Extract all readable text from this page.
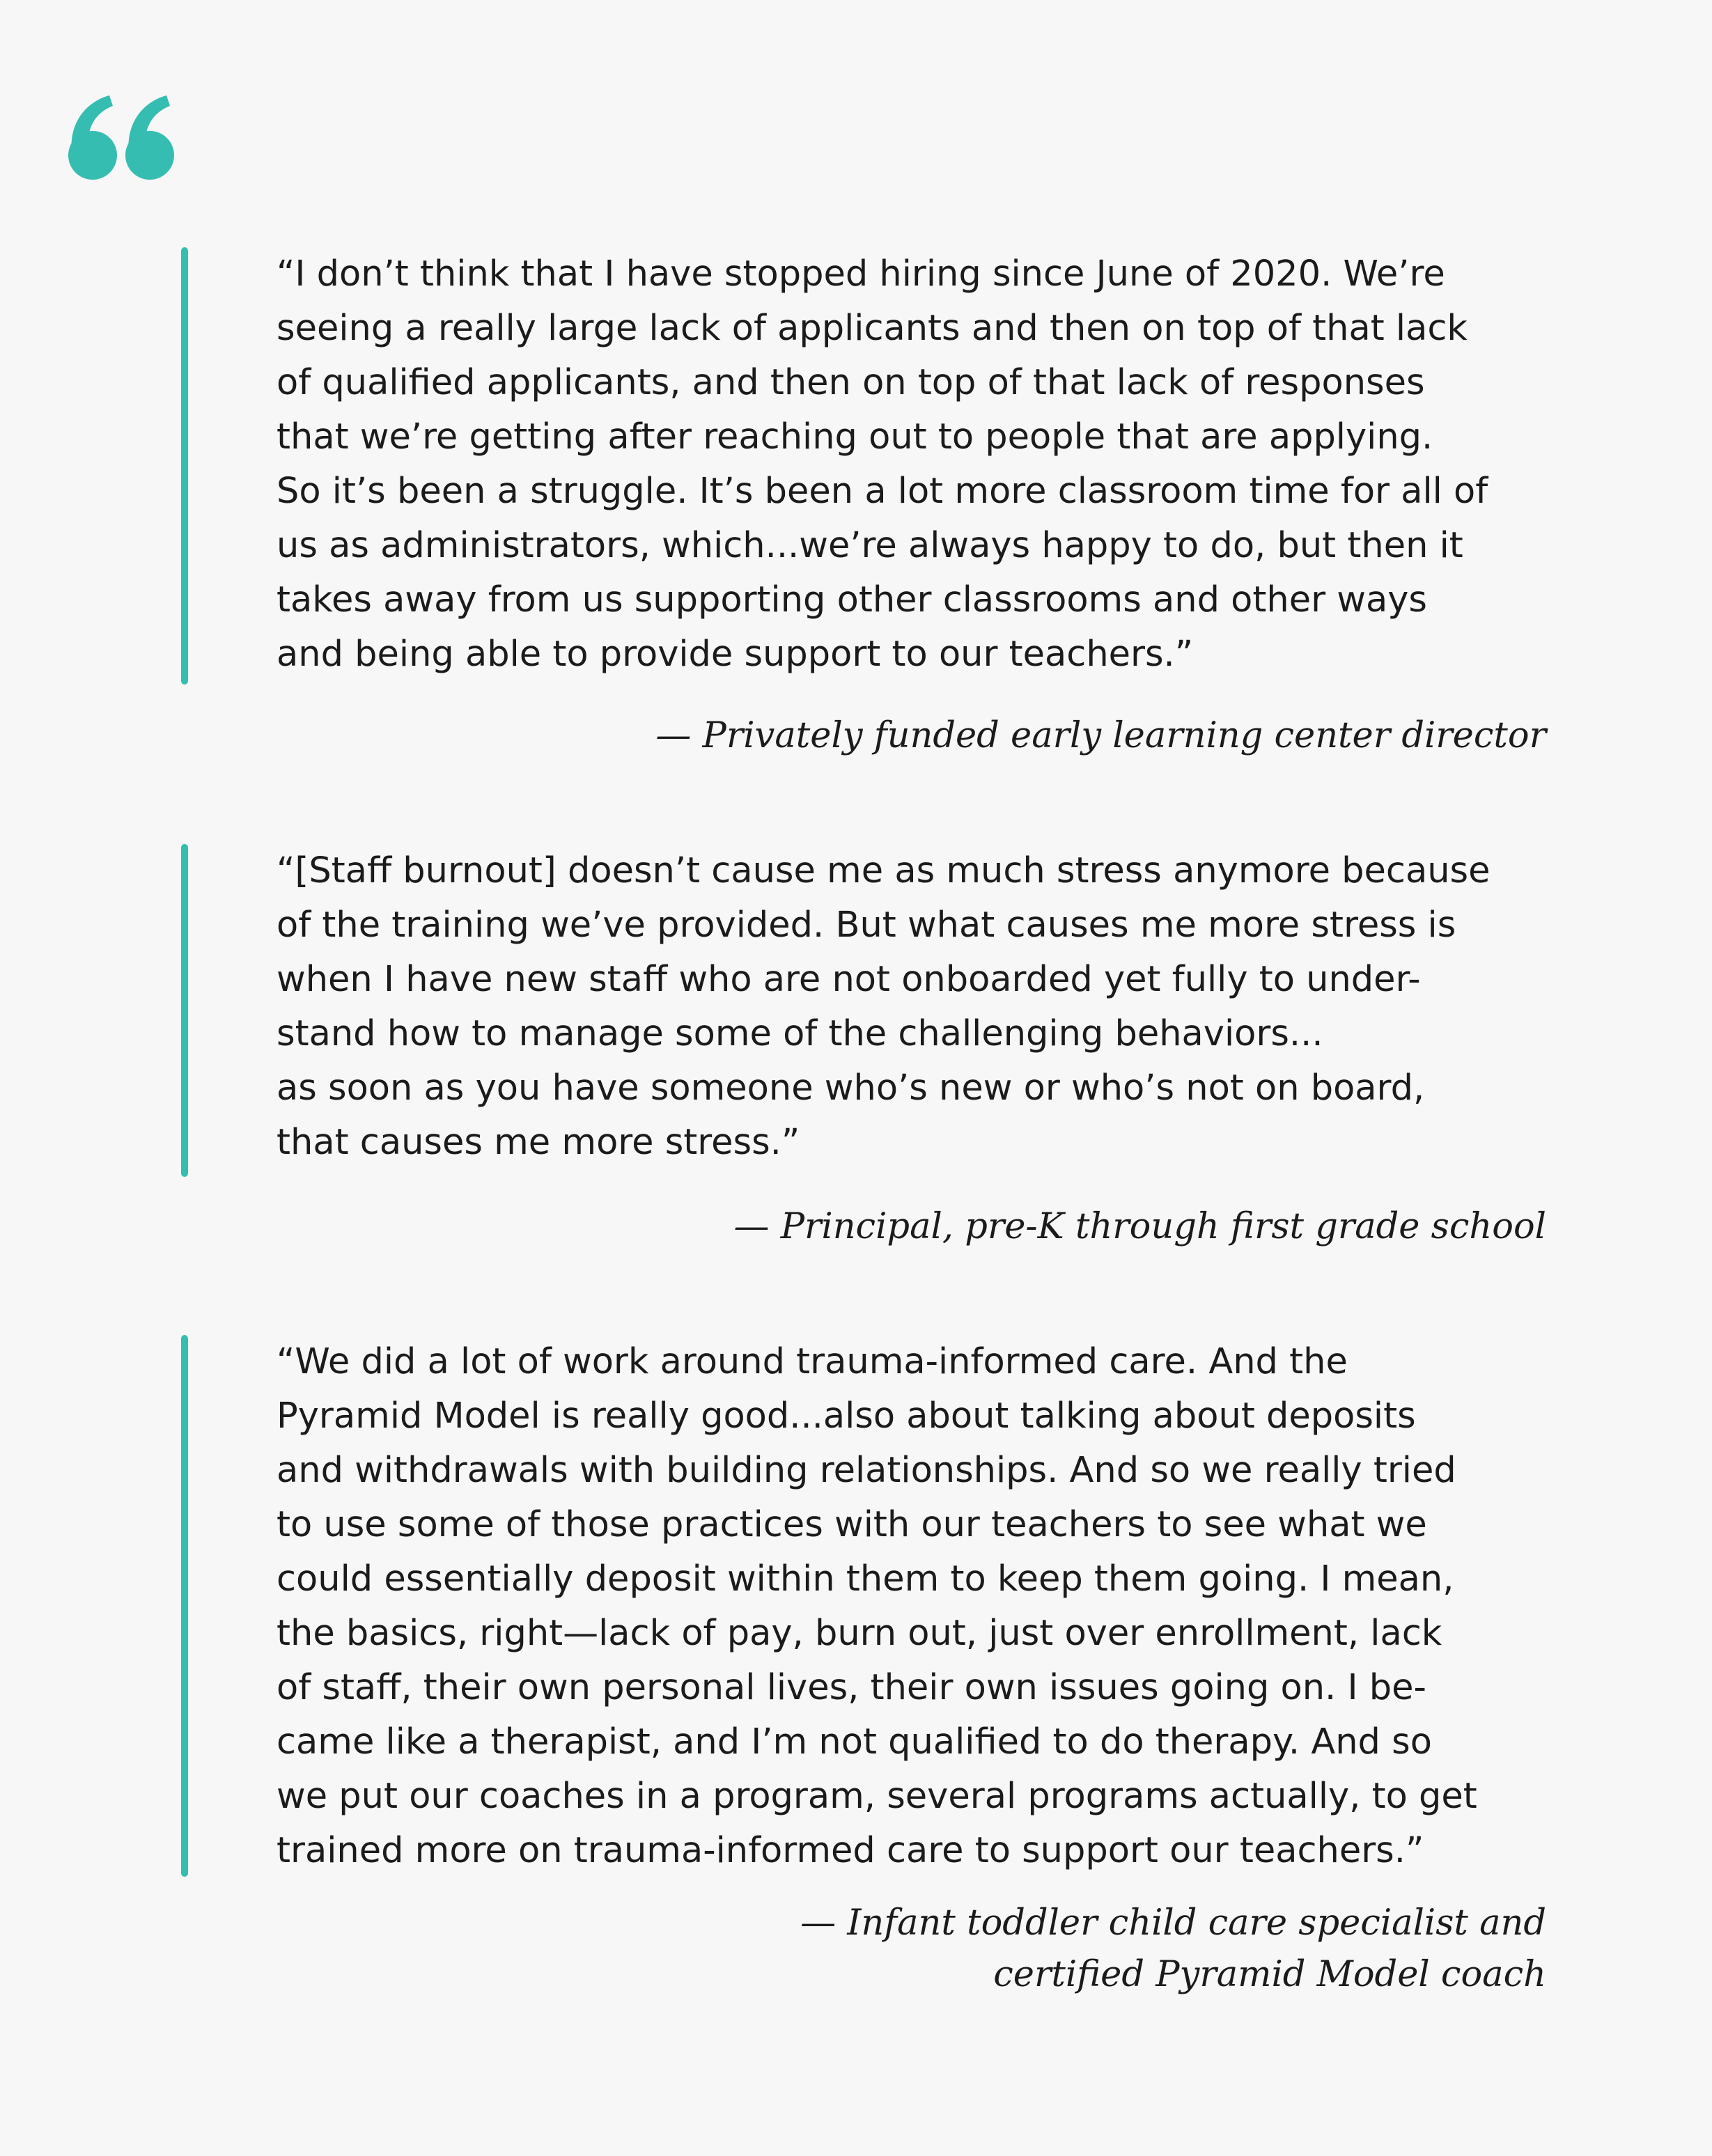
“I don’t think that I have stopped hiring since June of 2020. We’re
seeing a really large lack of applicants and then on top of that lack
of qualified applicants, and then on top of that lack of responses
that we’re getting after reaching out to people that are applying.
So it’s been a struggle. It’s been a lot more classroom time for all of
us as administrators, which...we’re always happy to do, but then it
takes away from us supporting other classrooms and other ways
and being able to provide support to our teachers.”

— Privately funded early learning center director

“[Staff burnout] doesn’t cause me as much stress anymore because
of the training we’ve provided. But what causes me more stress is
when I have new staff who are not onboarded yet fully to under-
stand how to manage some of the challenging behaviors...
as soon as you have someone who’s new or who’s not on board,
that causes me more stress.”

— Principal, pre-K through first grade school

“We did a lot of work around trauma-informed care. And the
Pyramid Model is really good...also about talking about deposits
and withdrawals with building relationships. And so we really tried
to use some of those practices with our teachers to see what we
could essentially deposit within them to keep them going. I mean,
the basics, right—lack of pay, burn out, just over enrollment, lack
of staff, their own personal lives, their own issues going on. I be-
came like a therapist, and I’m not qualified to do therapy. And so
we put our coaches in a program, several programs actually, to get
trained more on trauma-informed care to support our teachers.”

— Infant toddler child care specialist and
certified Pyramid Model coach
